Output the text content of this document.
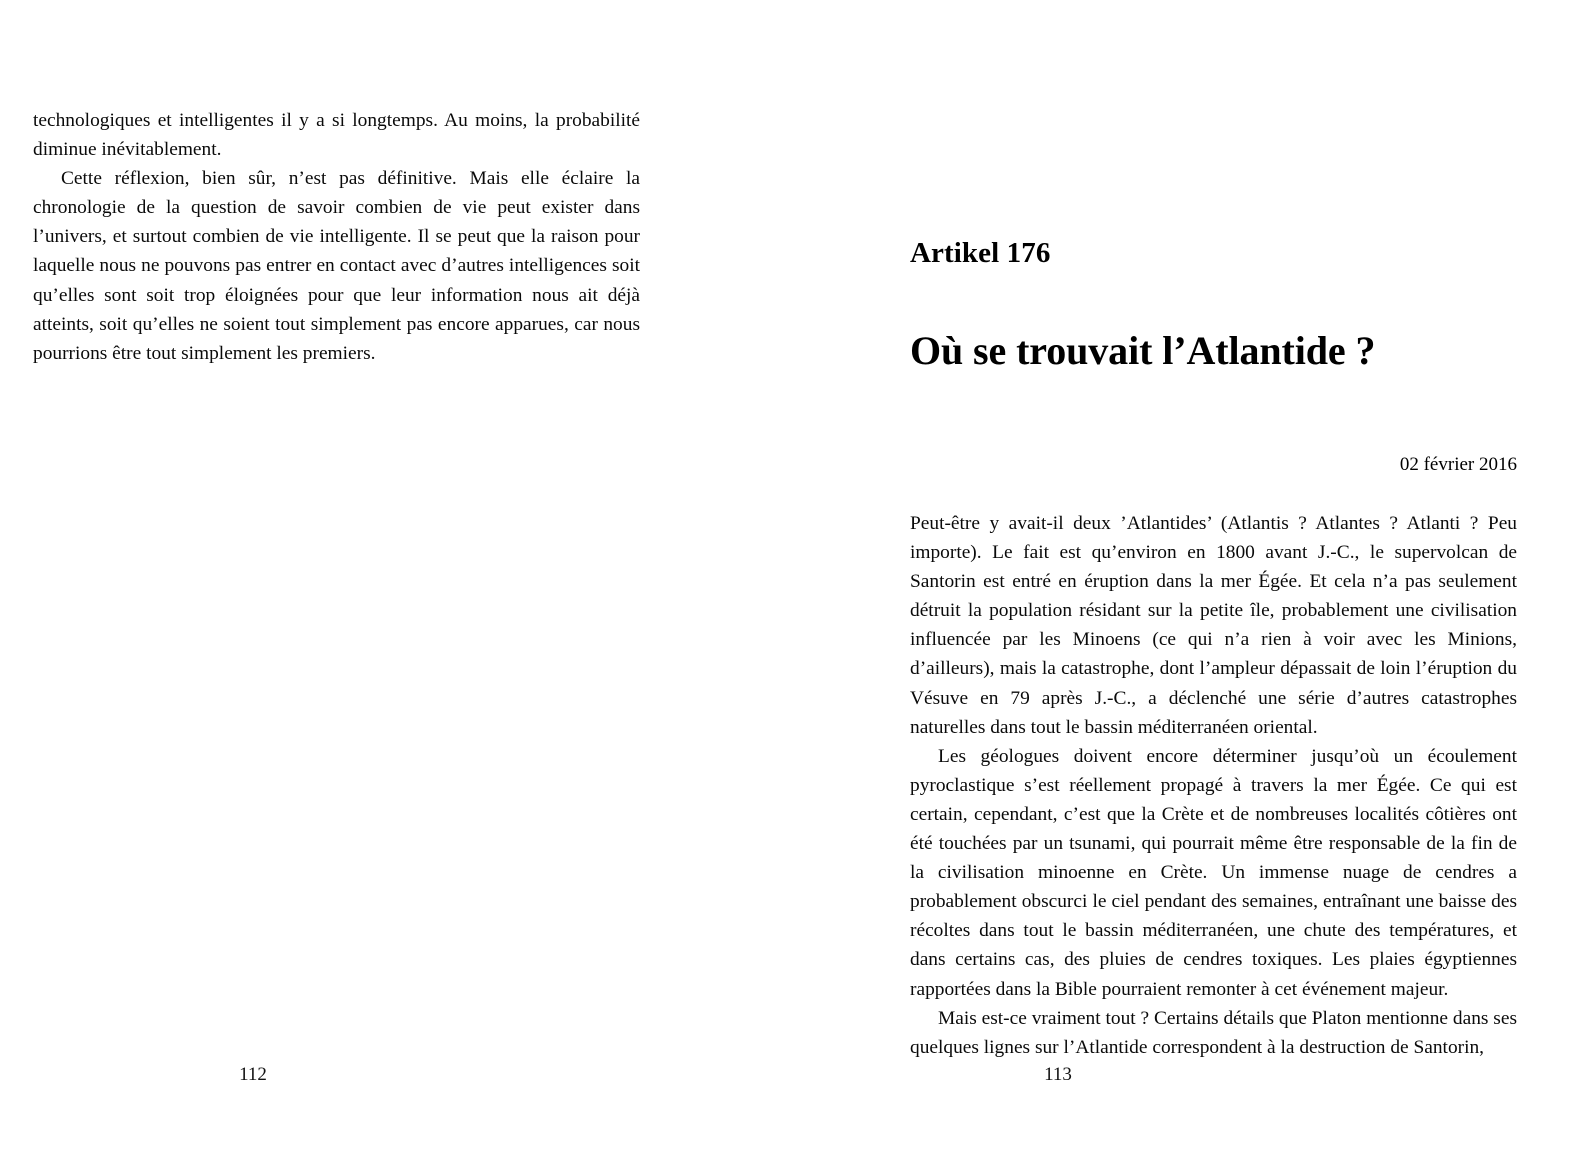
technologiques et intelligentes il y a si longtemps. Au moins, la probabilité diminue inévitablement.

Cette réflexion, bien sûr, n’est pas définitive. Mais elle éclaire la chronologie de la question de savoir combien de vie peut exister dans l’univers, et surtout combien de vie intelligente. Il se peut que la raison pour laquelle nous ne pouvons pas entrer en contact avec d’autres intelligences soit qu’elles sont soit trop éloignées pour que leur information nous ait déjà atteints, soit qu’elles ne soient tout simplement pas encore apparues, car nous pourrions être tout simplement les premiers.

112
Artikel 176
Où se trouvait l’Atlantide ?
02 février 2016

Peut-être y avait-il deux ’Atlantides’ (Atlantis ? Atlantes ? Atlanti ? Peu importe). Le fait est qu’environ en 1800 avant J.-C., le supervolcan de Santorin est entré en éruption dans la mer Égée. Et cela n’a pas seulement détruit la population résidant sur la petite île, probablement une civilisation influencée par les Minoens (ce qui n’a rien à voir avec les Minions, d’ailleurs), mais la catastrophe, dont l’ampleur dépassait de loin l’éruption du Vésuve en 79 après J.-C., a déclenché une série d’autres catastrophes naturelles dans tout le bassin méditerranéen oriental.

Les géologues doivent encore déterminer jusqu’où un écoulement pyroclastique s’est réellement propagé à travers la mer Égée. Ce qui est certain, cependant, c’est que la Crète et de nombreuses localités côtières ont été touchées par un tsunami, qui pourrait même être responsable de la fin de la civilisation minoenne en Crète. Un immense nuage de cendres a probablement obscurci le ciel pendant des semaines, entraînant une baisse des récoltes dans tout le bassin méditerranéen, une chute des températures, et dans certains cas, des pluies de cendres toxiques. Les plaies égyptiennes rapportées dans la Bible pourraient remonter à cet événement majeur.

Mais est-ce vraiment tout ? Certains détails que Platon mentionne dans ses quelques lignes sur l’Atlantide correspondent à la destruction de Santorin,

113
